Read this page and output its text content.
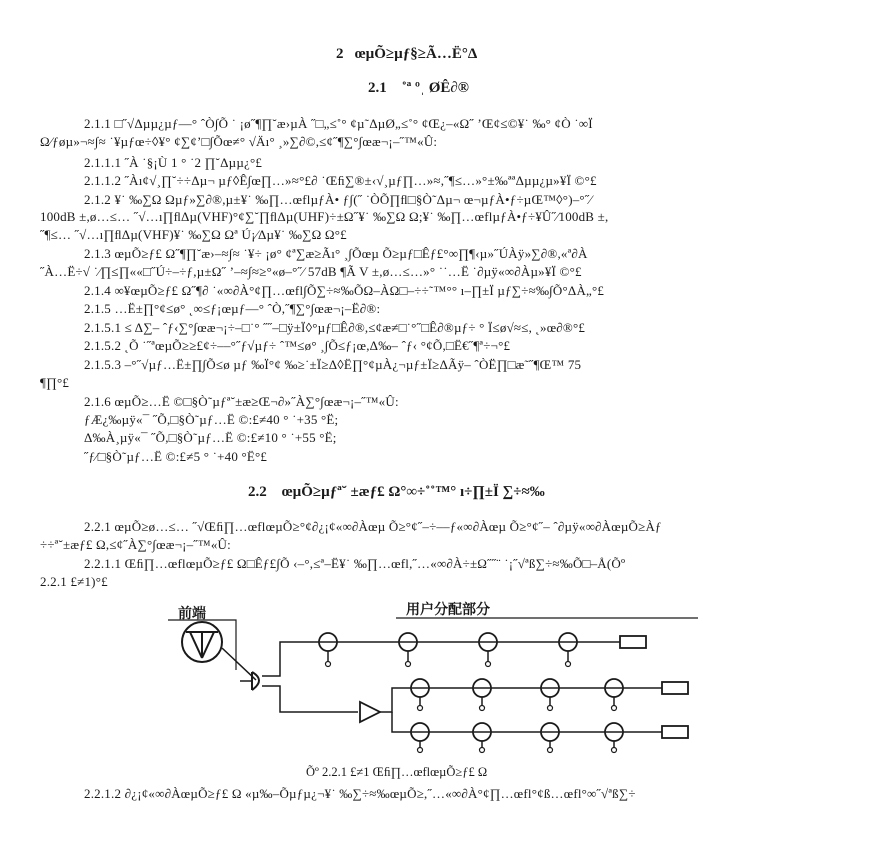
2 œµÕ≥µƒ§≥Ã…Ë°Δ
2.1 ˚ª ºˌ ØÊ∂®
2.1.1 □˝√Δµµ¿µƒ—° ˆÒ∫Õ ˙ ¡ø˝¶∏˘æ›µÀ ˝□„≤˚° ¢µ˜ΔµØ„≤˚° ¢Œ¿–«Ω˝ ʼŒ¢≤©¥˙ ‰° ¢Ò ˙∞Ï
Ω⁄ƒøµ»¬≈∫≈ ˙¥µƒœ÷◊¥° ¢∑¢’□∫Õœ≠° √Äı° ¸»∑∂©,≤¢˝¶∑°∫œæ¬¡–˝™«Û:
2.1.1.1 ˝À ˙§¡Ù 1 ° ˙2 ∏˘Δµµ¿°£
2.1.1.2 ˝Àı¢√¸∏˘÷÷Δµ¬ µƒ◊Ê∫œ∏…»≈°£∂ ˙Œﬁ∑®±‹√¸µƒ∏…»≈,˝¶≤…»°±‰ªªΔµµ¿µ»¥Ï ©°£
2.1.2 ¥˙ ‰∑Ω Ωµƒ»∑∂®,µ±¥˙ ‰∏…œflµƒÀ• ƒ∫(˝ ˙ÒÕ∏ﬂ□§Ò˜Δµ¬ œ¬µƒÀ•ƒ÷µŒ™◊°)–°˝⁄
100dB ±,ø…≤… ˝√…ı∏ﬂΔµ(VHF)°¢∑˘∏ﬂΔµ(UHF)÷±Ω˝¥˙ ‰∑Ω Ω;¥˙ ‰∏…œflµƒÀ•ƒ÷¥Û˝⁄100dB ±,
˝¶≤… ˝√…ı∏ﬂΔµ(VHF)¥˙ ‰∑Ω Ωª Ú¡⁄Δµ¥˙ ‰∑Ω Ω°£
2.1.3 œµÕ≥ƒ£ Ω˝¶∏˘æ›–≈∫≈ ˙¥÷ ¡ø° ¢ª∑æ≥Ãı° ¸∫Õœµ Õ≥µƒ□Êƒ£°∞∏¶‹µ»˝ÚÀÿ»∑∂®,«ª∂À
˝À…Ë÷√ ˙⁄∏≤∏««□˝Ú÷–÷ƒ,µ±Ω˝ ʼ–≈∫≈≥°«ø–°˝⁄ 57dB ¶Ã V ±,ø…≤…»° ˙˙…Ë ˙∂µÿ«∞∂Àµ»¥Ï ©°£
2.1.4 ∞¥œµÕ≥ƒ£ Ω˝¶∂ ˙«∞∂À°¢∏…œfl∫Õ∑÷≈‰ÕΩ–ÀΩ□–÷÷˜™°° ı–∏±Ï µƒ∑÷≈‰∫Õ°ΔÀ„°£
2.1.5 …Ë±∏°¢≤ø° ˛∞≤ƒ¡œµƒ—° ˆÒ,˝¶∑°∫œæ¬¡–Ë∂®:
2.1.5.1 ≤ Δ∑– ˆƒ‹∑°∫œæ¬¡÷–□˙° ˝˝–□ÿ±Ï◊°µƒ□Ê∂®,≤¢æ≠□˙°˝□Ê∂®µƒ÷ ° Ï≤ø√≈≤, ˛»œ∂®°£
2.1.5.2 ˛Õ ˙˝ªœµÕ≥≥£¢÷––°˝ƒ√µƒ÷ ˆ™≤ø° ¸∫Õ≤ƒ¡œ,Δ‰– ˆƒ‹ °¢Õ,□Ë€˝¶ª÷¬°£
2.1.5.3 –°˝√µƒ…Ë±∏∫Õ≤ø µƒ ‰Ï°¢ ‰≥˙±Ï≥Δ◊Ë∏°¢µÀ¿¬µƒ±Ï≥ΔÃÿ– ˆÒË∏□æ˜˝¶Œ™ 75
¶∏°£
2.1.6 œµÕ≥…Ë ©□§Ò˜µƒª˘±æ≥Œ¬∂»˝À∑°∫œæ¬¡–˝™«Û:
ƒÆ¿‰µÿ«¯ ˝Õ,□§Ò˜µƒ…Ë ©:£≠40 ° ˙+35 °Ë;
Δ‰À¸µÿ«¯ ˝Õ,□§Ò˜µƒ…Ë ©:£≠10 ° ˙+55 °Ë;
˝ƒ⁄□§Ò˜µƒ…Ë ©:£≠5 ° ˙+40 °Ë°£
2.2 œµÕ≥µƒª˘ ±æƒ£ Ω°∞÷˚˚™° ı÷∏±Ï ∑÷≈‰
2.2.1 œµÕ≥ø…≤… ˝√Œﬁ∏…œflœµÕ≥°¢∂¿¡¢«∞∂Àœµ Õ≥°¢˝–÷––ƒ«∞∂Àœµ Õ≥°¢˝– ˆ∂µÿ«∞∂ÀœµÕ≥Àƒ
÷÷ª˘±æƒ£ Ω,≤¢˝À∑°∫œæ¬¡–˝™«Û:
2.2.1.1 Œﬁ∏…œflœµÕ≥ƒ£ Ω□Êƒ£∫Õ ‹–°,≤ª–Ë¥˙ ‰∏…œfl,˝…«∞∂À÷±Ω˝˝¨ ˙¡˝√ªß∑÷≈‰Õ□–Å(Õº
2.2.1 £≠1)°£
前端	用户分配部分
Õº 2.2.1 £≠1 Œﬁ∏…œflœµÕ≥ƒ£ Ω
2.2.1.2 ∂¿¡¢«∞∂ÀœµÕ≥ƒ£ Ω «µ‰–Õµƒµ¿¬¥˙ ‰∑÷≈‰œµÕ≥,˝…«∞∂À°¢∏…œfl°¢ß…œfl°∞˝√ªß∑÷
